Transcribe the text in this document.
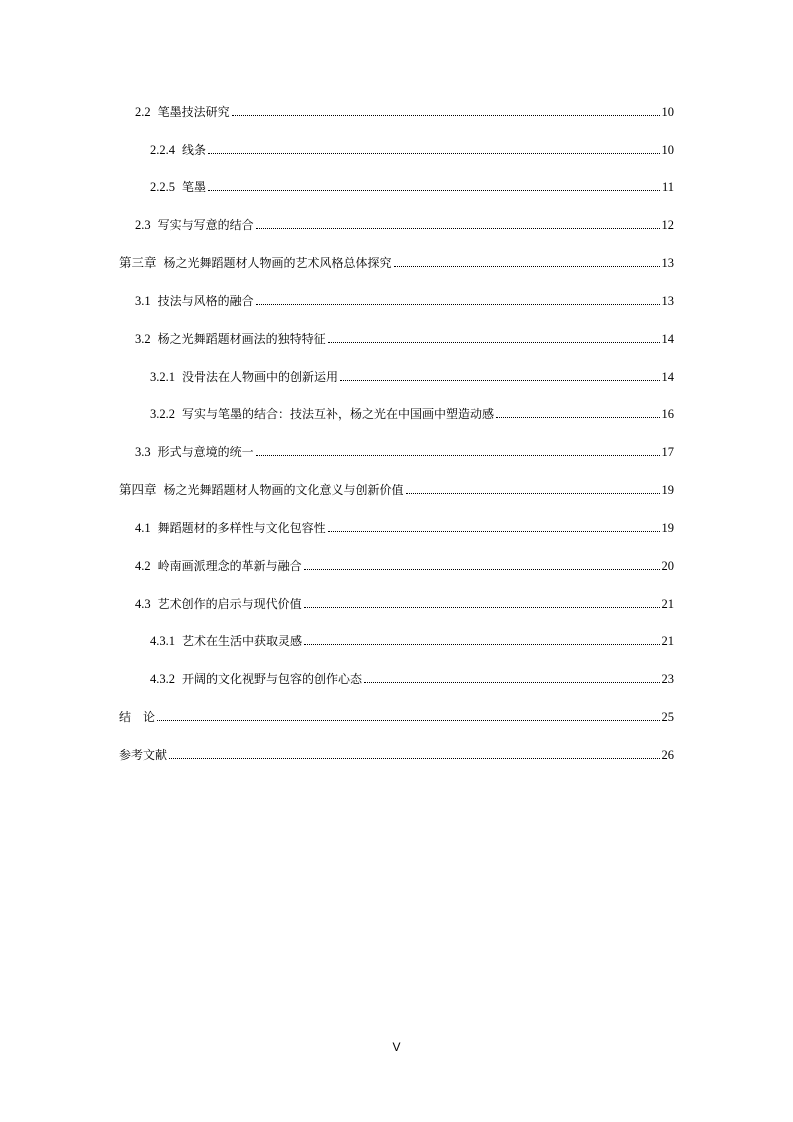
2.2 笔墨技法研究	10
2.2.4 线条	10
2.2.5 笔墨	11
2.3 写实与写意的结合	12
第三章 杨之光舞蹈题材人物画的艺术风格总体探究	13
3.1 技法与风格的融合	13
3.2 杨之光舞蹈题材画法的独特特征	14
3.2.1 没骨法在人物画中的创新运用	14
3.2.2 写实与笔墨的结合：技法互补，杨之光在中国画中塑造动感	16
3.3 形式与意境的统一	17
第四章 杨之光舞蹈题材人物画的文化意义与创新价值	19
4.1 舞蹈题材的多样性与文化包容性	19
4.2 岭南画派理念的革新与融合	20
4.3 艺术创作的启示与现代价值	21
4.3.1 艺术在生活中获取灵感	21
4.3.2 开阔的文化视野与包容的创作心态	23
结　论	25
参考文献	26
V
